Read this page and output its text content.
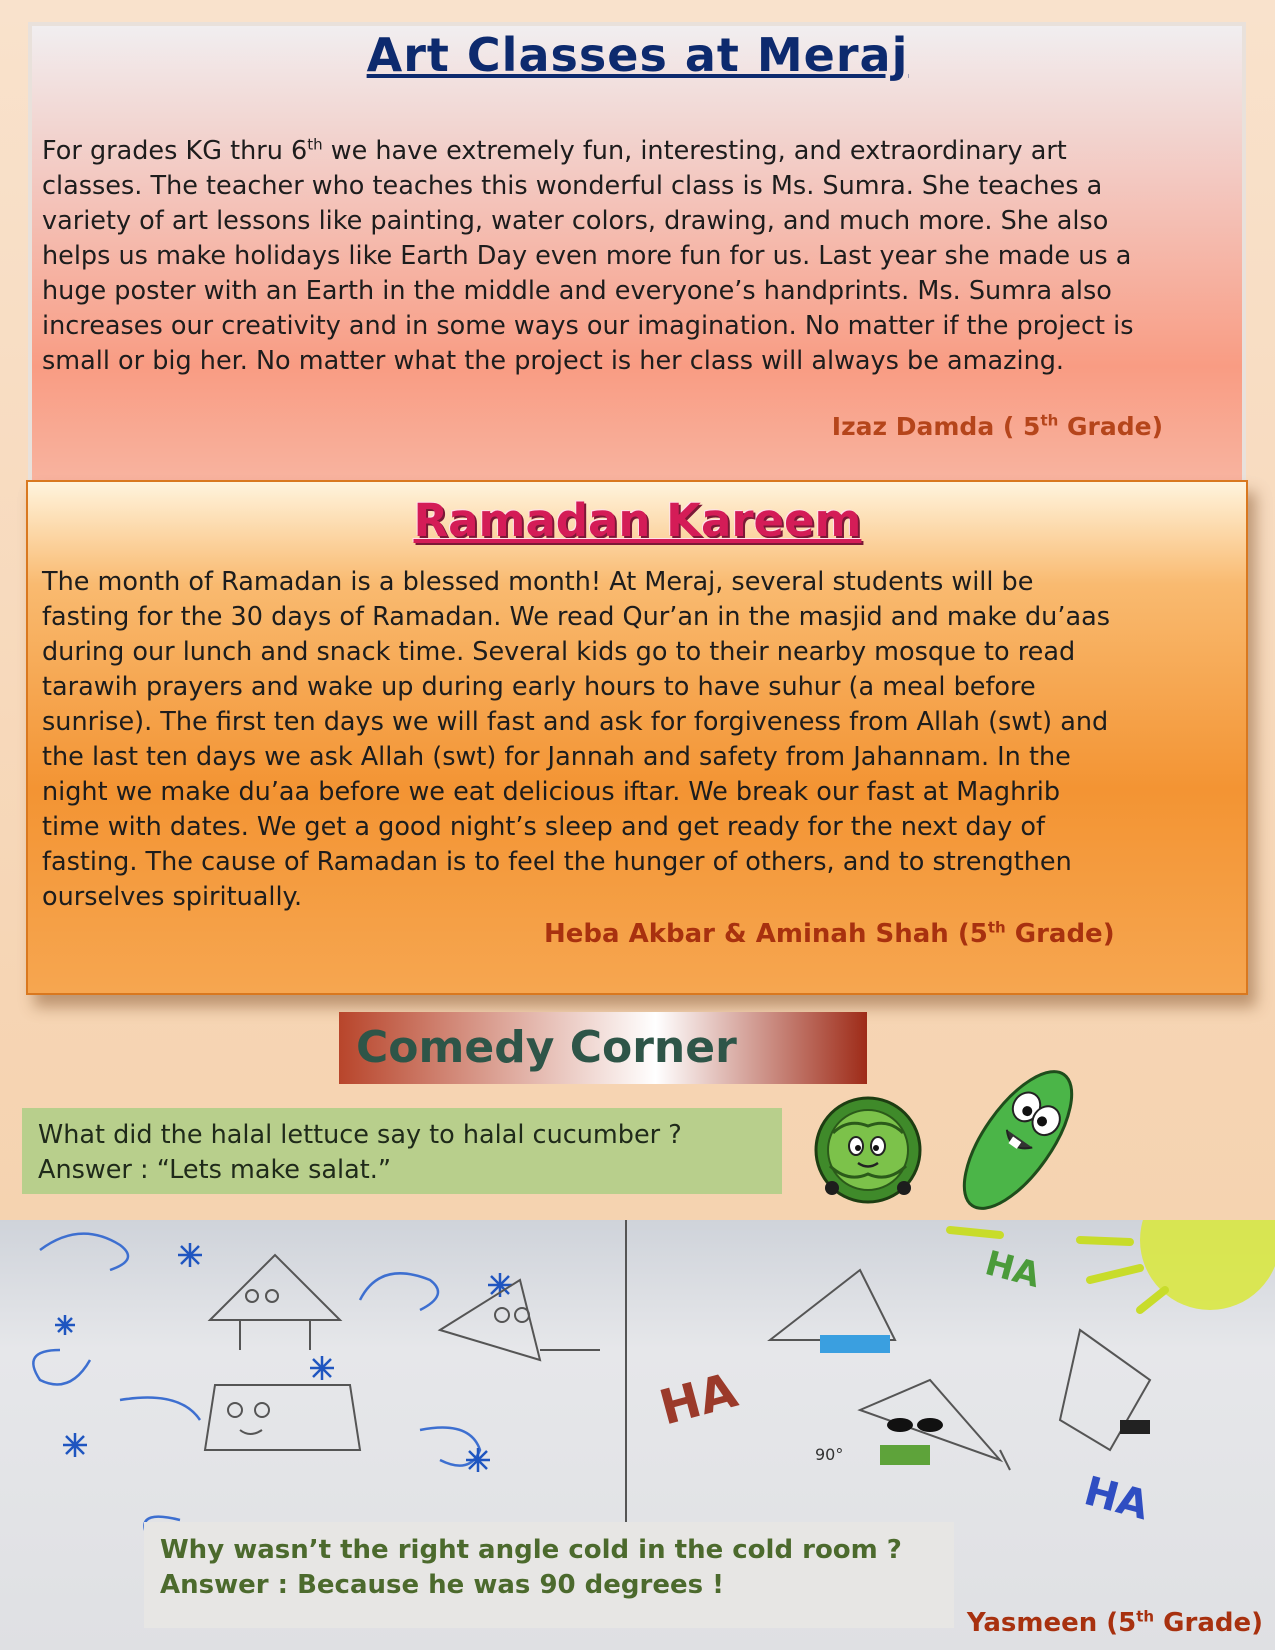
Art Classes at Meraj
For grades KG thru 6th we have extremely fun, interesting, and extraordinary art
classes. The teacher who teaches this wonderful class is Ms. Sumra. She teaches a
variety of art lessons like painting, water colors, drawing, and much more. She also
helps us make holidays like Earth Day even more fun for us. Last year she made us a
huge poster with an Earth in the middle and everyone’s handprints. Ms. Sumra also
increases our creativity and in some ways our imagination. No matter if the project is
small or big her. No matter what the project is her class will always be amazing.
Izaz Damda ( 5th Grade)
Ramadan Kareem
The month of Ramadan is a blessed month! At Meraj, several students will be
fasting for the 30 days of Ramadan. We read Qur’an in the masjid and make du’aas
during our lunch and snack time. Several kids go to their nearby mosque to read
tarawih prayers and wake up during early hours to have suhur (a meal before
sunrise). The first ten days we will fast and ask for forgiveness from Allah (swt) and
the last ten days we ask Allah (swt) for Jannah and safety from Jahannam. In the
night we make du’aa before we eat delicious iftar. We break our fast at Maghrib
time with dates. We get a good night’s sleep and get ready for the next day of
fasting. The cause of Ramadan is to feel the hunger of others, and to strengthen
ourselves spiritually.
Heba Akbar & Aminah Shah (5th Grade)
Comedy Corner
What did the halal lettuce say to halal cucumber ?
Answer : “Lets make salat.”
HA
HA
HA
90°
Why wasn’t the right angle cold in the cold room ?
Answer : Because he was 90 degrees !
Yasmeen (5th Grade)
